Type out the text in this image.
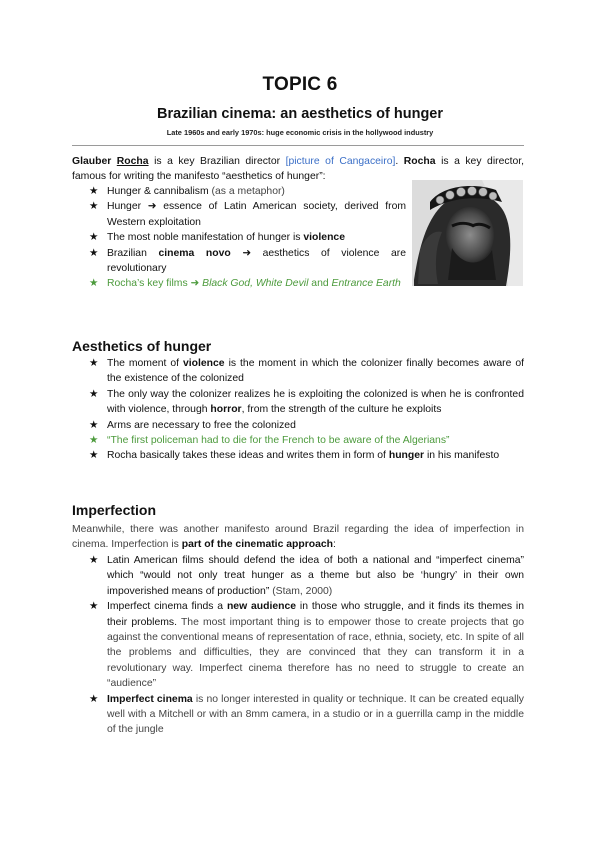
TOPIC 6
Brazilian cinema: an aesthetics of hunger
Late 1960s and early 1970s: huge economic crisis in the hollywood industry

Glauber Rocha is a key Brazilian director [picture of Cangaceiro]. Rocha is a key director, famous for writing the manifesto “aesthetics of hunger”:

★ Hunger & cannibalism (as a metaphor)
★ Hunger ➜ essence of Latin American society, derived from Western exploitation
★ The most noble manifestation of hunger is violence
★ Brazilian cinema novo ➜ aesthetics of violence are revolutionary
★ Rocha’s key films ➜ Black God, White Devil and Entrance Earth
Aesthetics of hunger
★ The moment of violence is the moment in which the colonizer finally becomes aware of the existence of the colonized
★ The only way the colonizer realizes he is exploiting the colonized is when he is confronted with violence, through horror, from the strength of the culture he exploits
★ Arms are necessary to free the colonized
★ “The first policeman had to die for the French to be aware of the Algerians”
★ Rocha basically takes these ideas and writes them in form of hunger in his manifesto
Imperfection

Meanwhile, there was another manifesto around Brazil regarding the idea of imperfection in cinema. Imperfection is part of the cinematic approach:

★ Latin American films should defend the idea of both a national and “imperfect cinema” which “would not only treat hunger as a theme but also be ‘hungry’ in their own impoverished means of production” (Stam, 2000)
★ Imperfect cinema finds a new audience in those who struggle, and it finds its themes in their problems. The most important thing is to empower those to create projects that go against the conventional means of representation of race, ethnia, society, etc. In spite of all the problems and difficulties, they are convinced that they can transform it in a revolutionary way. Imperfect cinema therefore has no need to struggle to create an “audience”
★ Imperfect cinema is no longer interested in quality or technique. It can be created equally well with a Mitchell or with an 8mm camera, in a studio or in a guerrilla camp in the middle of the jungle
